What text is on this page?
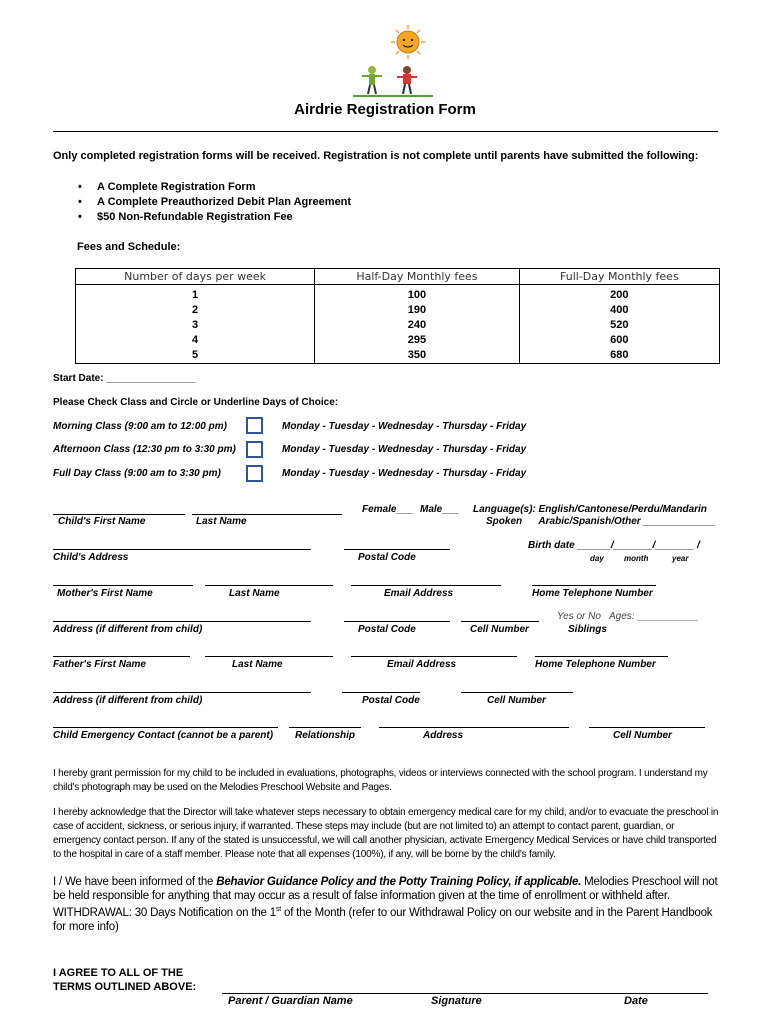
Airdrie Registration Form
Only completed registration forms will be received. Registration is not complete until parents have submitted the following:
• A Complete Registration Form
• A Complete Preauthorized Debit Plan Agreement
• $50 Non-Refundable Registration Fee
Fees and Schedule:
Number of days per week	Half-Day Monthly fees	Full-Day Monthly fees
1	100	200
2	190	400
3	240	520
4	295	600
5	350	680
Start Date: ________________
Please Check Class and Circle or Underline Days of Choice:
Morning Class (9:00 am to 12:00 pm)	Monday - Tuesday - Wednesday - Thursday - Friday
Afternoon Class (12:30 pm to 3:30 pm)	Monday - Tuesday - Wednesday - Thursday - Friday
Full Day Class (9:00 am to 3:30 pm)	Monday - Tuesday - Wednesday - Thursday - Friday
Child's First Name	Last Name
Female___ Male___ Language(s): English/Cantonese/Perdu/Mandarin
Spoken      Arabic/Spanish/Other _____________
Child's Address	Postal Code
Birth date ______/_______/_______ /
day	month	year
Mother's First Name	Last Name	Email Address	Home Telephone Number
Address (if different from child)	Postal Code	Cell Number
Yes or No Ages: ___________
Siblings
Father's First Name	Last Name	Email Address	Home Telephone Number
Address (if different from child)	Postal Code	Cell Number
Child Emergency Contact (cannot be a parent) Relationship	Address	Cell Number
I hereby grant permission for my child to be included in evaluations, photographs, videos or interviews connected with the school program. I understand my child's photograph may be used on the Melodies Preschool Website and Pages.
I hereby acknowledge that the Director will take whatever steps necessary to obtain emergency medical care for my child, and/or to evacuate the preschool in case of accident, sickness, or serious injury, if warranted. These steps may include (but are not limited to) an attempt to contact parent, guardian, or emergency contact person. If any of the stated is unsuccessful, we will call another physician, activate Emergency Medical Services or have child transported to the hospital in care of a staff member. Please note that all expenses (100%), if any, will be borne by the child's family.
I / We have been informed of the Behavior Guidance Policy and the Potty Training Policy, if applicable. Melodies Preschool will not be held responsible for anything that may occur as a result of false information given at the time of enrollment or withheld after.
WITHDRAWAL: 30 Days Notification on the 1st of the Month (refer to our Withdrawal Policy on our website and in the Parent Handbook for more info)
I AGREE TO ALL OF THE
TERMS OUTLINED ABOVE:
Parent / Guardian Name	Signature	Date
